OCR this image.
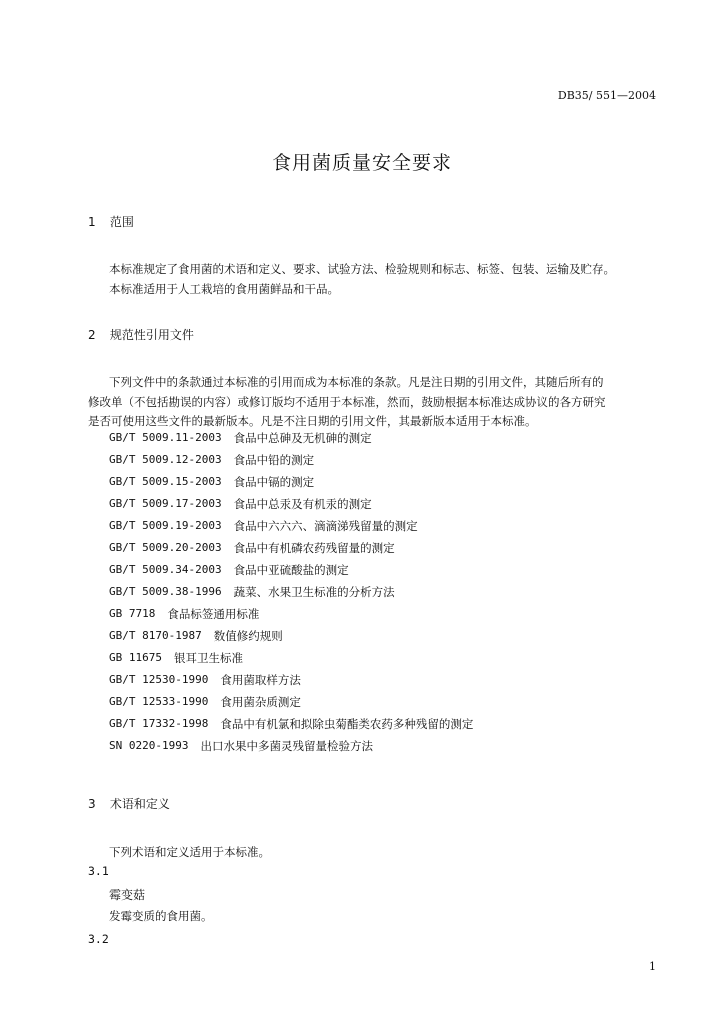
DB35/ 551—2004
食用菌质量安全要求
1 范围
本标准规定了食用菌的术语和定义、要求、试验方法、检验规则和标志、标签、包装、运输及贮存。
本标准适用于人工栽培的食用菌鲜品和干品。
2 规范性引用文件
下列文件中的条款通过本标准的引用而成为本标准的条款。凡是注日期的引用文件，其随后所有的
修改单（不包括勘误的内容）或修订版均不适用于本标准，然而，鼓励根据本标准达成协议的各方研究
是否可使用这些文件的最新版本。凡是不注日期的引用文件，其最新版本适用于本标准。
GB/T 5009.11-2003 食品中总砷及无机砷的测定
GB/T 5009.12-2003 食品中铅的测定
GB/T 5009.15-2003 食品中镉的测定
GB/T 5009.17-2003 食品中总汞及有机汞的测定
GB/T 5009.19-2003 食品中六六六、滴滴涕残留量的测定
GB/T 5009.20-2003 食品中有机磷农药残留量的测定
GB/T 5009.34-2003 食品中亚硫酸盐的测定
GB/T 5009.38-1996 蔬菜、水果卫生标准的分析方法
GB 7718 食品标签通用标准
GB/T 8170-1987 数值修约规则
GB 11675 银耳卫生标准
GB/T 12530-1990 食用菌取样方法
GB/T 12533-1990 食用菌杂质测定
GB/T 17332-1998 食品中有机氯和拟除虫菊酯类农药多种残留的测定
SN 0220-1993 出口水果中多菌灵残留量检验方法
3 术语和定义
下列术语和定义适用于本标准。
3.1
霉变菇
发霉变质的食用菌。
3.2
1
